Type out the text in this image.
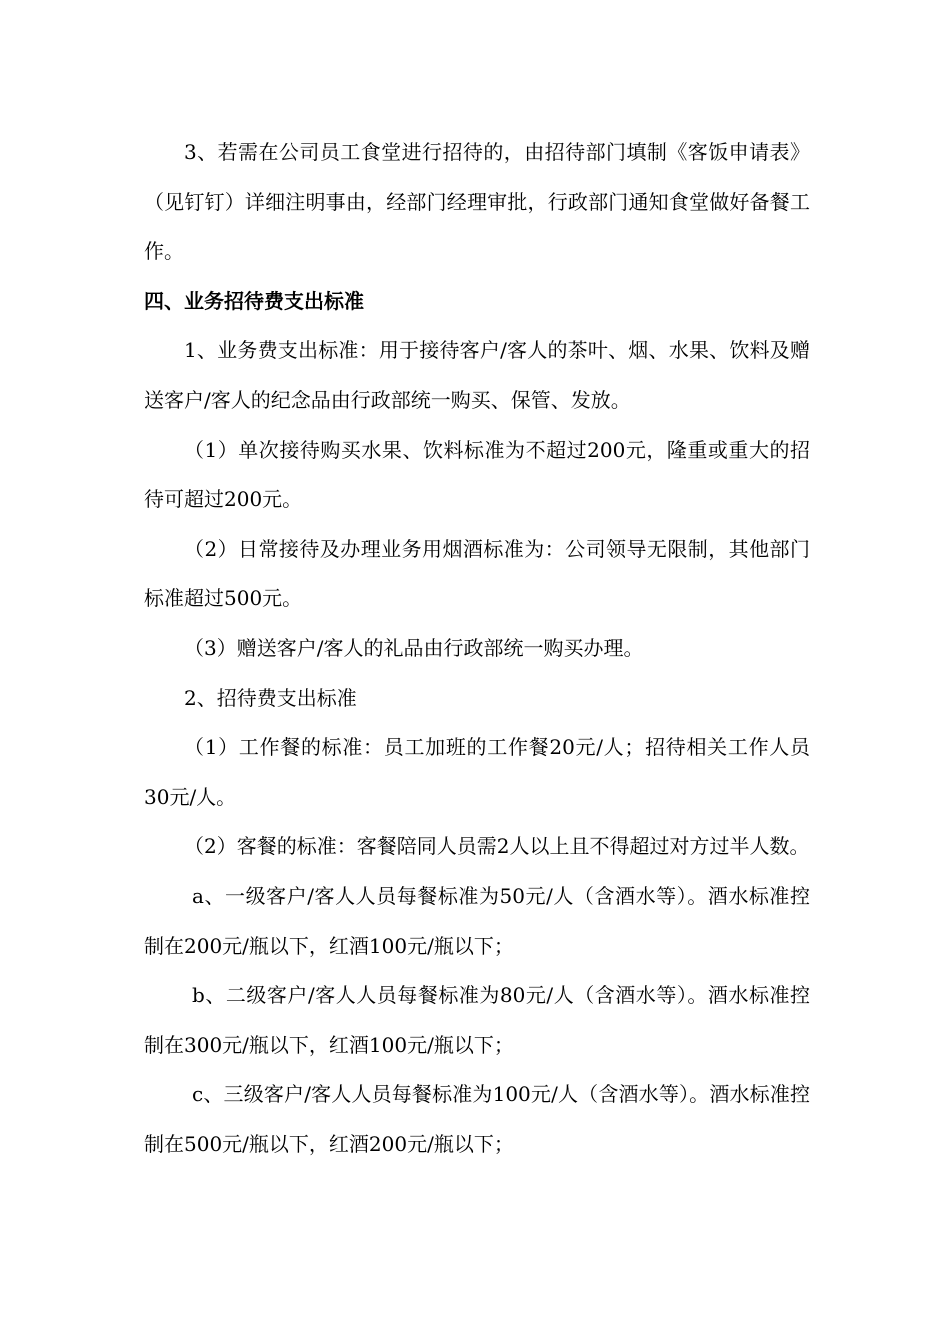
3、若需在公司员工食堂进行招待的，由招待部门填制《客饭申请表》（见钉钉）详细注明事由，经部门经理审批，行政部门通知食堂做好备餐工作。

四、业务招待费支出标准

1、业务费支出标准：用于接待客户/客人的茶叶、烟、水果、饮料及赠送客户/客人的纪念品由行政部统一购买、保管、发放。

（1）单次接待购买水果、饮料标准为不超过200元，隆重或重大的招待可超过200元。

（2）日常接待及办理业务用烟酒标准为：公司领导无限制，其他部门标准超过500元。

（3）赠送客户/客人的礼品由行政部统一购买办理。

2、招待费支出标准

（1）工作餐的标准：员工加班的工作餐20元/人；招待相关工作人员30元/人。

（2）客餐的标准：客餐陪同人员需2人以上且不得超过对方过半人数。

a、一级客户/客人人员每餐标准为50元/人（含酒水等）。酒水标准控制在200元/瓶以下，红酒100元/瓶以下；

b、二级客户/客人人员每餐标准为80元/人（含酒水等）。酒水标准控制在300元/瓶以下，红酒100元/瓶以下；

c、三级客户/客人人员每餐标准为100元/人（含酒水等）。酒水标准控制在500元/瓶以下，红酒200元/瓶以下；
